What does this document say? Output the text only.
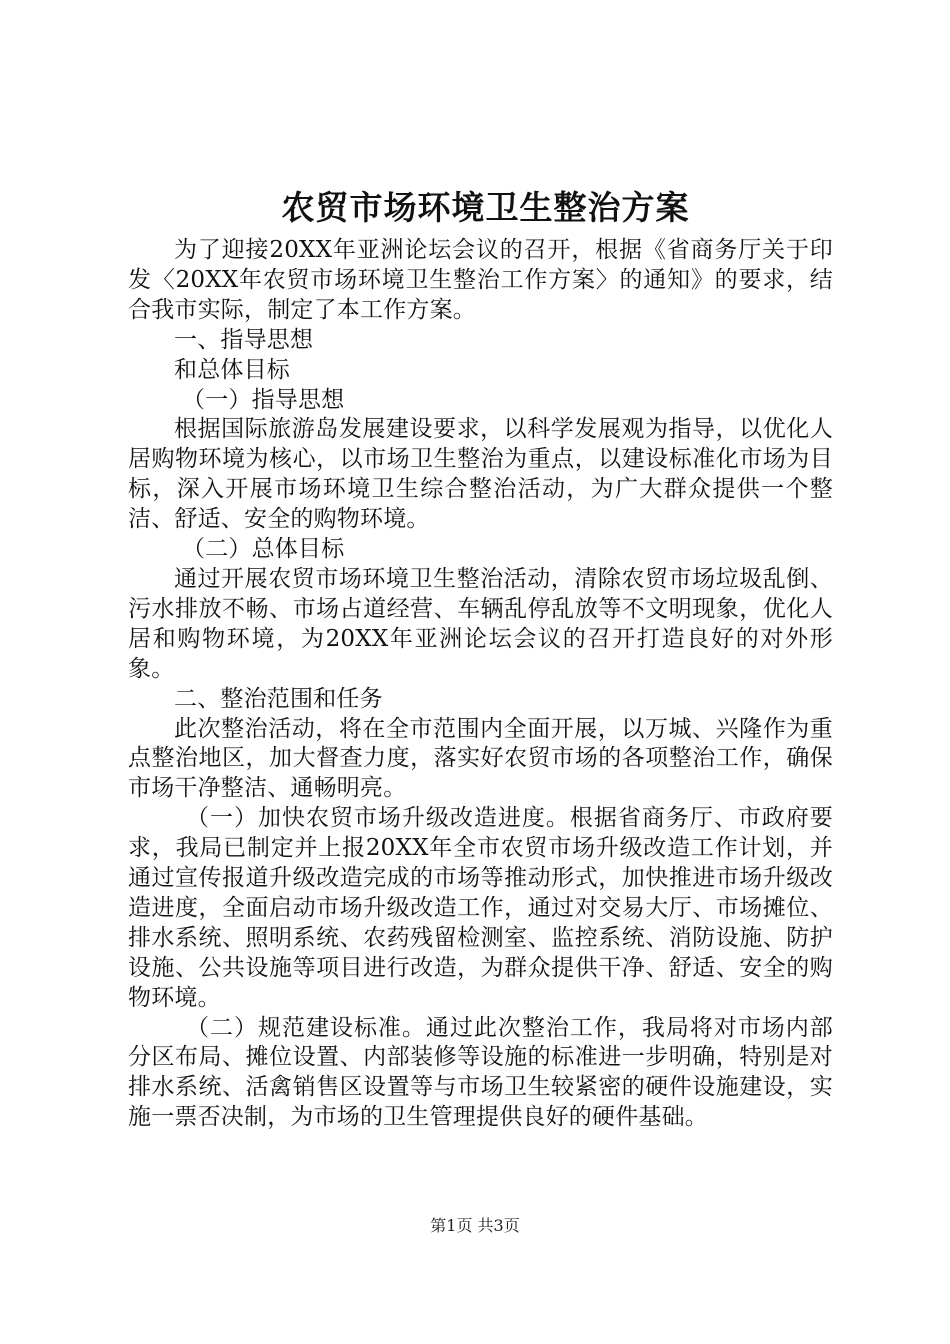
农贸市场环境卫生整治方案

为了迎接20XX年亚洲论坛会议的召开，根据《省商务厅关于印发〈20XX年农贸市场环境卫生整治工作方案〉的通知》的要求，结合我市实际，制定了本工作方案。

一、指导思想

和总体目标

（一）指导思想

根据国际旅游岛发展建设要求，以科学发展观为指导，以优化人居购物环境为核心，以市场卫生整治为重点，以建设标准化市场为目标，深入开展市场环境卫生综合整治活动，为广大群众提供一个整洁、舒适、安全的购物环境。

（二）总体目标

通过开展农贸市场环境卫生整治活动，清除农贸市场垃圾乱倒、污水排放不畅、市场占道经营、车辆乱停乱放等不文明现象，优化人居和购物环境，为20XX年亚洲论坛会议的召开打造良好的对外形象。

二、整治范围和任务

此次整治活动，将在全市范围内全面开展，以万城、兴隆作为重点整治地区，加大督查力度，落实好农贸市场的各项整治工作，确保市场干净整洁、通畅明亮。

（一）加快农贸市场升级改造进度。根据省商务厅、市政府要求，我局已制定并上报20XX年全市农贸市场升级改造工作计划，并通过宣传报道升级改造完成的市场等推动形式，加快推进市场升级改造进度，全面启动市场升级改造工作，通过对交易大厅、市场摊位、排水系统、照明系统、农药残留检测室、监控系统、消防设施、防护设施、公共设施等项目进行改造，为群众提供干净、舒适、安全的购物环境。

（二）规范建设标准。通过此次整治工作，我局将对市场内部分区布局、摊位设置、内部装修等设施的标准进一步明确，特别是对排水系统、活禽销售区设置等与市场卫生较紧密的硬件设施建设，实施一票否决制，为市场的卫生管理提供良好的硬件基础。

第1页 共3页
